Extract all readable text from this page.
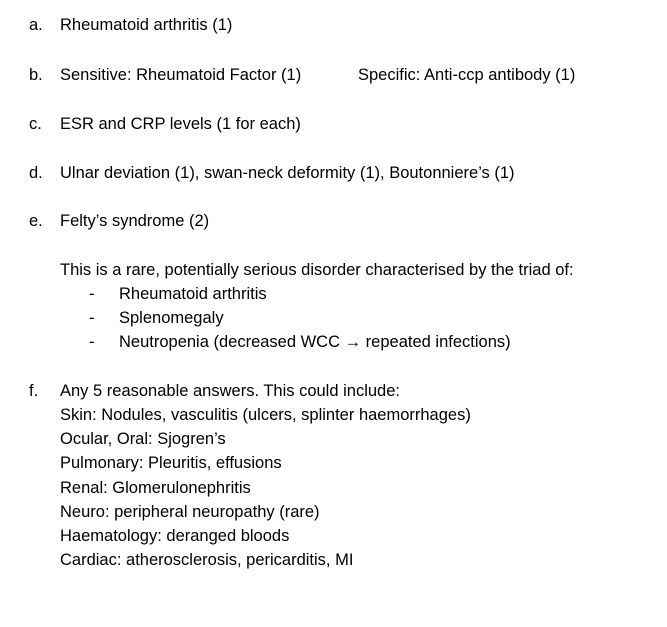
a.	Rheumatoid arthritis (1)
b.	Sensitive: Rheumatoid Factor (1)	Specific: Anti-ccp antibody (1)
c.	ESR and CRP levels (1 for each)
d.	Ulnar deviation (1), swan-neck deformity (1), Boutonniere’s (1)
e.	Felty’s syndrome (2)
This is a rare, potentially serious disorder characterised by the triad of:
- Rheumatoid arthritis
- Splenomegaly
- Neutropenia (decreased WCC → repeated infections)
f.	Any 5 reasonable answers. This could include:
Skin: Nodules, vasculitis (ulcers, splinter haemorrhages)
Ocular, Oral: Sjogren’s
Pulmonary: Pleuritis, effusions
Renal: Glomerulonephritis
Neuro: peripheral neuropathy (rare)
Haematology: deranged bloods
Cardiac: atherosclerosis, pericarditis, MI
